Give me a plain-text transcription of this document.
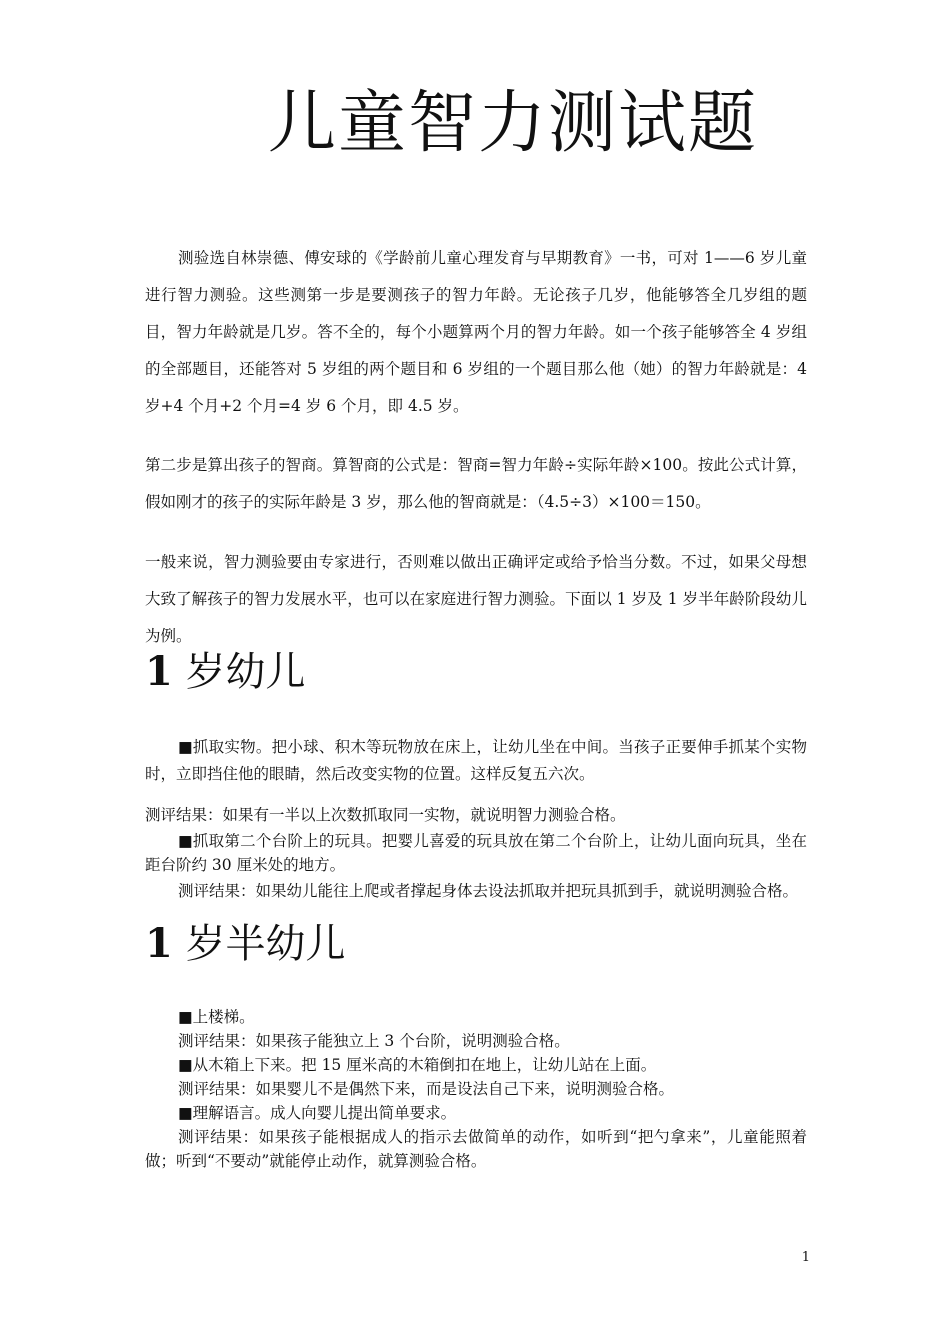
儿童智力测试题

测验选自林崇德、傅安球的《学龄前儿童心理发育与早期教育》一书，可对 1——6 岁儿童进行智力测验。这些测第一步是要测孩子的智力年龄。无论孩子几岁，他能够答全几岁组的题目，智力年龄就是几岁。答不全的，每个小题算两个月的智力年龄。如一个孩子能够答全 4 岁组的全部题目，还能答对 5 岁组的两个题目和 6 岁组的一个题目那么他（她）的智力年龄就是：4 岁+4 个月+2 个月=4 岁 6 个月，即 4.5 岁。

第二步是算出孩子的智商。算智商的公式是：智商=智力年龄÷实际年龄×100。按此公式计算，假如刚才的孩子的实际年龄是 3 岁，那么他的智商就是：（4.5÷3）×100＝150。

一般来说，智力测验要由专家进行，否则难以做出正确评定或给予恰当分数。不过，如果父母想大致了解孩子的智力发展水平，也可以在家庭进行智力测验。下面以 1 岁及 1 岁半年龄阶段幼儿为例。

1 岁幼儿

■抓取实物。把小球、积木等玩物放在床上，让幼儿坐在中间。当孩子正要伸手抓某个实物时，立即挡住他的眼睛，然后改变实物的位置。这样反复五六次。

测评结果：如果有一半以上次数抓取同一实物，就说明智力测验合格。

■抓取第二个台阶上的玩具。把婴儿喜爱的玩具放在第二个台阶上，让幼儿面向玩具，坐在距台阶约 30 厘米处的地方。

测评结果：如果幼儿能往上爬或者撑起身体去设法抓取并把玩具抓到手，就说明测验合格。

1 岁半幼儿

■上楼梯。

测评结果：如果孩子能独立上 3 个台阶，说明测验合格。

■从木箱上下来。把 15 厘米高的木箱倒扣在地上，让幼儿站在上面。

测评结果：如果婴儿不是偶然下来，而是设法自己下来，说明测验合格。

■理解语言。成人向婴儿提出简单要求。

测评结果：如果孩子能根据成人的指示去做简单的动作，如听到“把勺拿来”，儿童能照着做；听到“不要动”就能停止动作，就算测验合格。

1
